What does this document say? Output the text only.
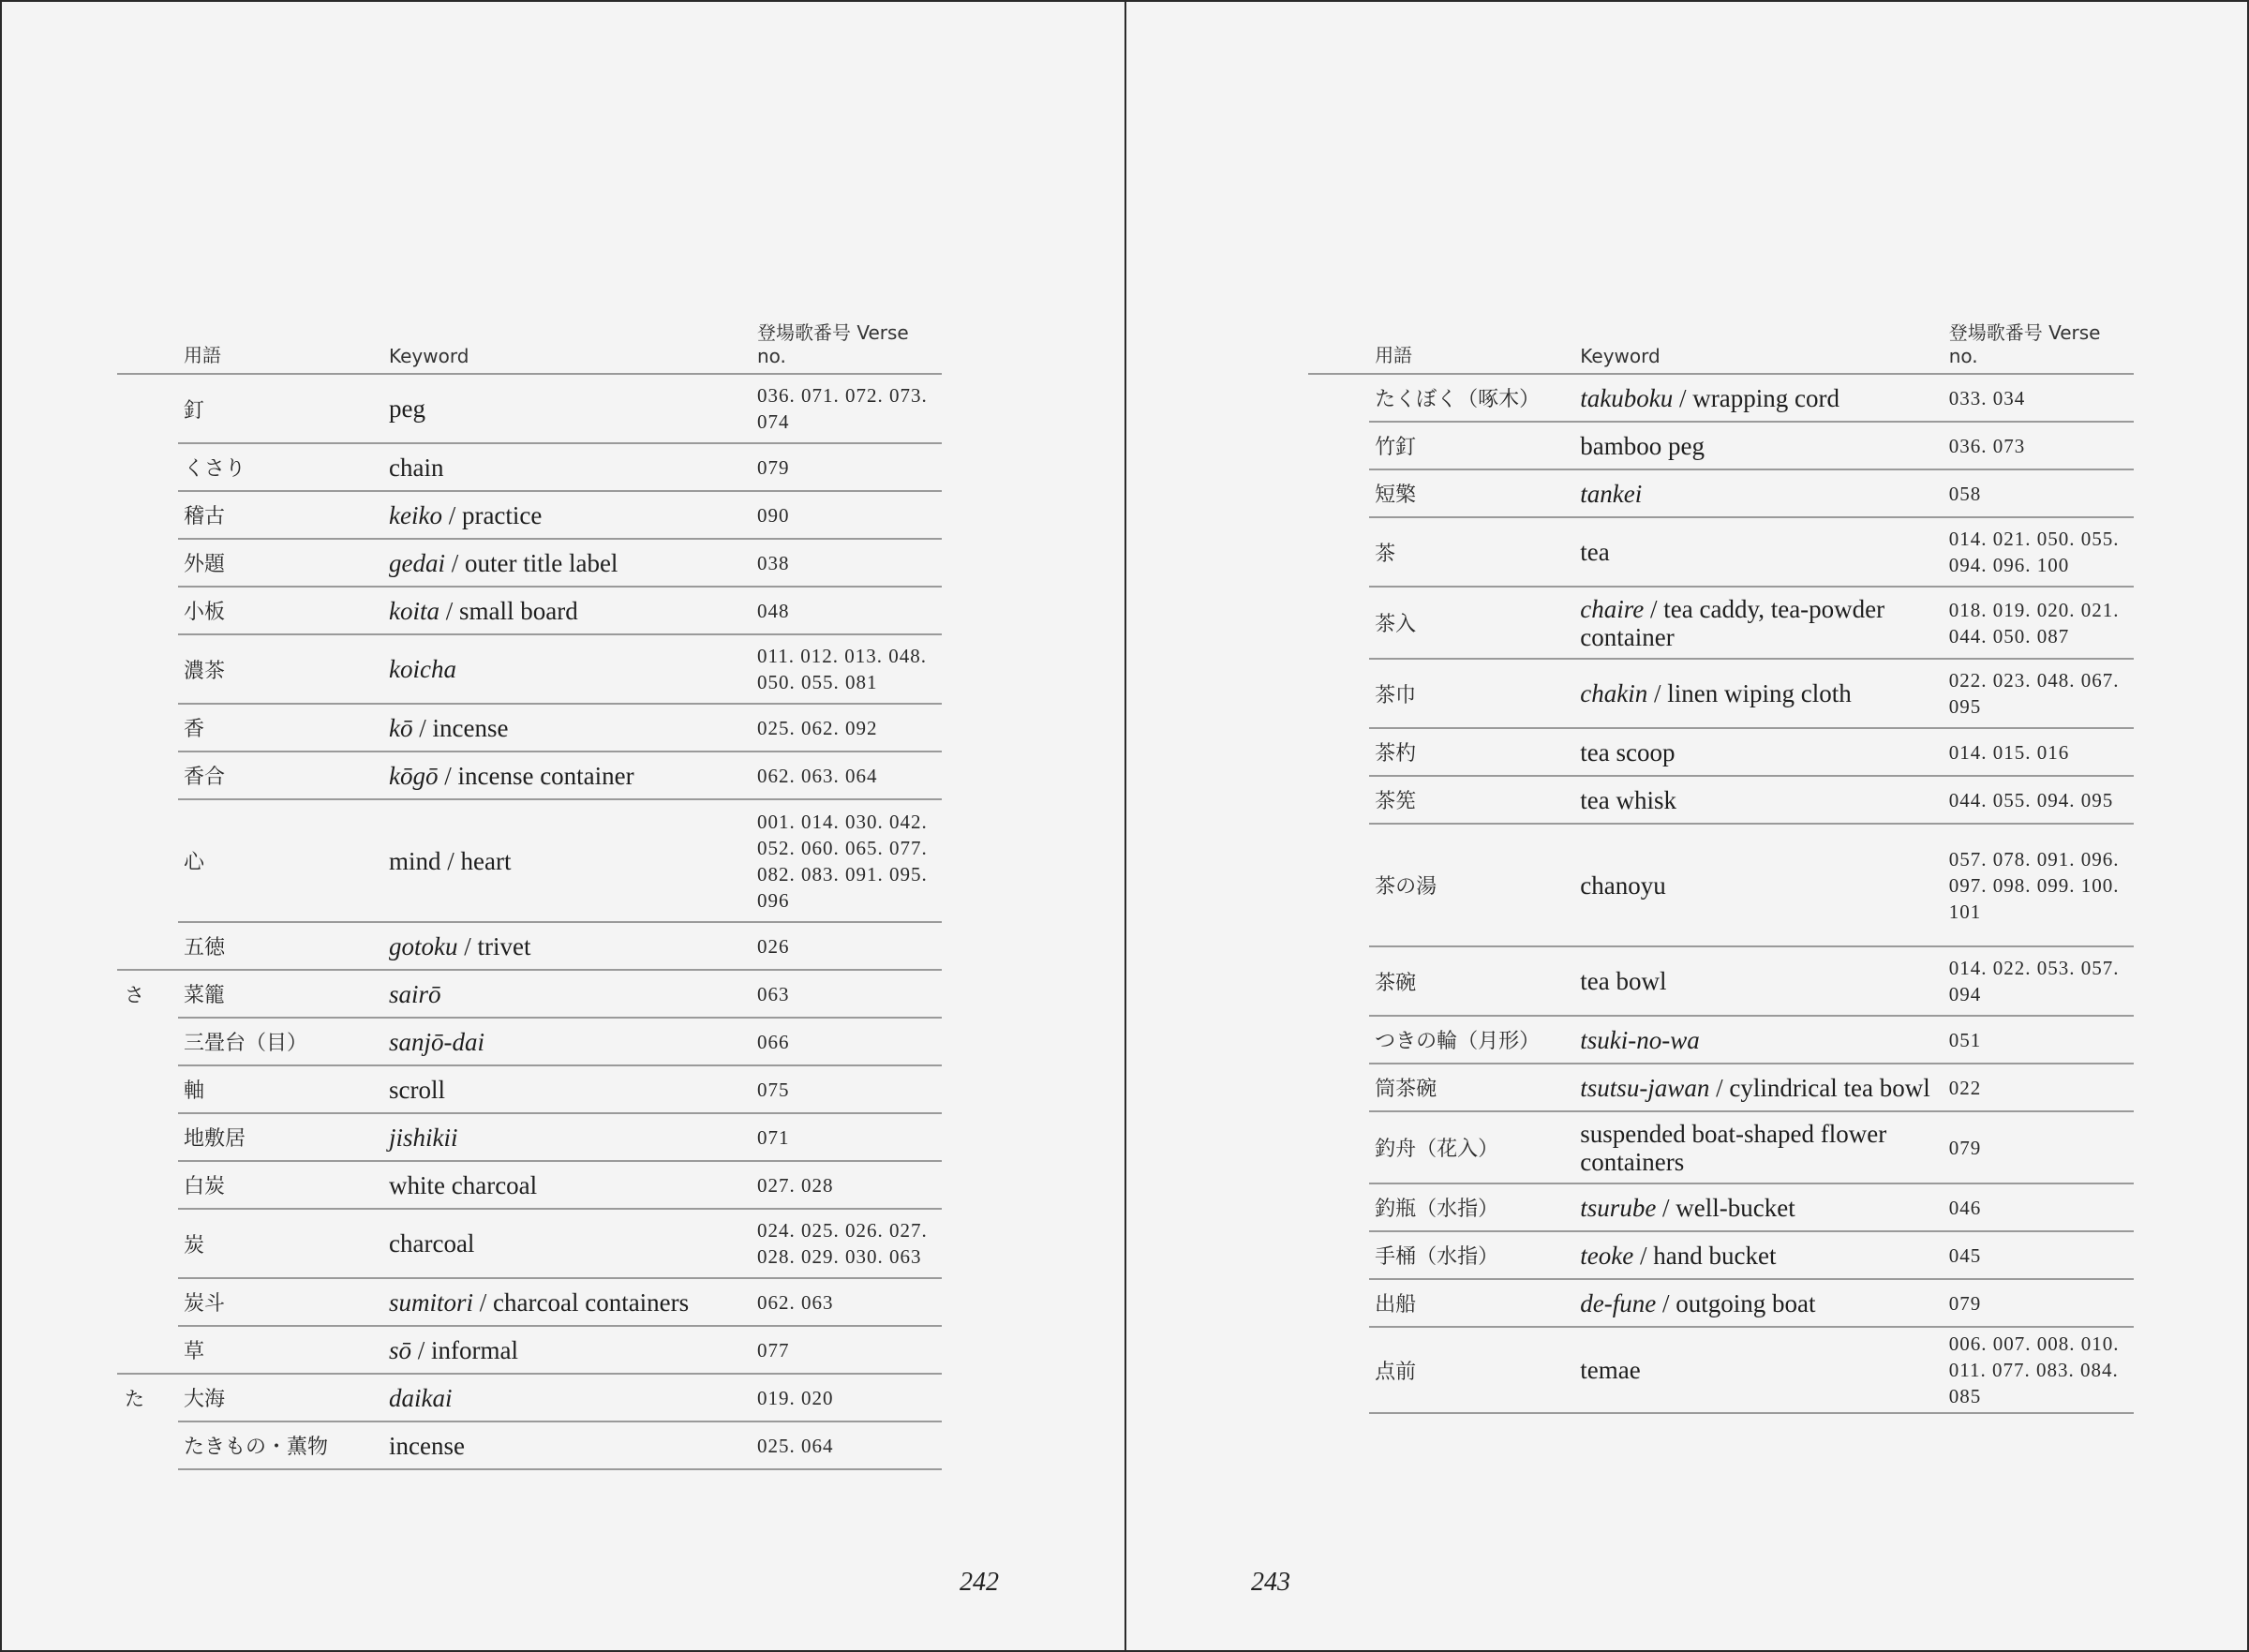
	用語	Keyword	登場歌番号 Verse no.
	釘	peg	036. 071. 072. 073. 074
	くさり	chain	079
	稽古	keiko / practice	090
	外題	gedai / outer title label	038
	小板	koita / small board	048
	濃茶	koicha	011. 012. 013. 048. 050. 055. 081
	香	kō / incense	025. 062. 092
	香合	kōgō / incense container	062. 063. 064
	心	mind / heart	001. 014. 030. 042. 052. 060. 065. 077. 082. 083. 091. 095. 096
	五徳	gotoku / trivet	026
さ	菜籠	sairō	063
	三畳台（目）	sanjō-dai	066
	軸	scroll	075
	地敷居	jishikii	071
	白炭	white charcoal	027. 028
	炭	charcoal	024. 025. 026. 027. 028. 029. 030. 063
	炭斗	sumitori / charcoal containers	062. 063
	草	sō / informal	077
た	大海	daikai	019. 020
	たきもの・薫物	incense	025. 064
242
	用語	Keyword	登場歌番号 Verse no.
	たくぼく（啄木）	takuboku / wrapping cord	033. 034
	竹釘	bamboo peg	036. 073
	短檠	tankei	058
	茶	tea	014. 021. 050. 055. 094. 096. 100
	茶入	chaire / tea caddy, tea-powder container	018. 019. 020. 021. 044. 050. 087
	茶巾	chakin / linen wiping cloth	022. 023. 048. 067. 095
	茶杓	tea scoop	014. 015. 016
	茶筅	tea whisk	044. 055. 094. 095
	茶の湯	chanoyu	057. 078. 091. 096. 097. 098. 099. 100. 101
	茶碗	tea bowl	014. 022. 053. 057. 094
	つきの輪（月形）	tsuki-no-wa	051
	筒茶碗	tsutsu-jawan / cylindrical tea bowl	022
	釣舟（花入）	suspended boat-shaped flower containers	079
	釣瓶（水指）	tsurube / well-bucket	046
	手桶（水指）	teoke / hand bucket	045
	出船	de-fune / outgoing boat	079
	点前	temae	006. 007. 008. 010. 011. 077. 083. 084. 085
243
